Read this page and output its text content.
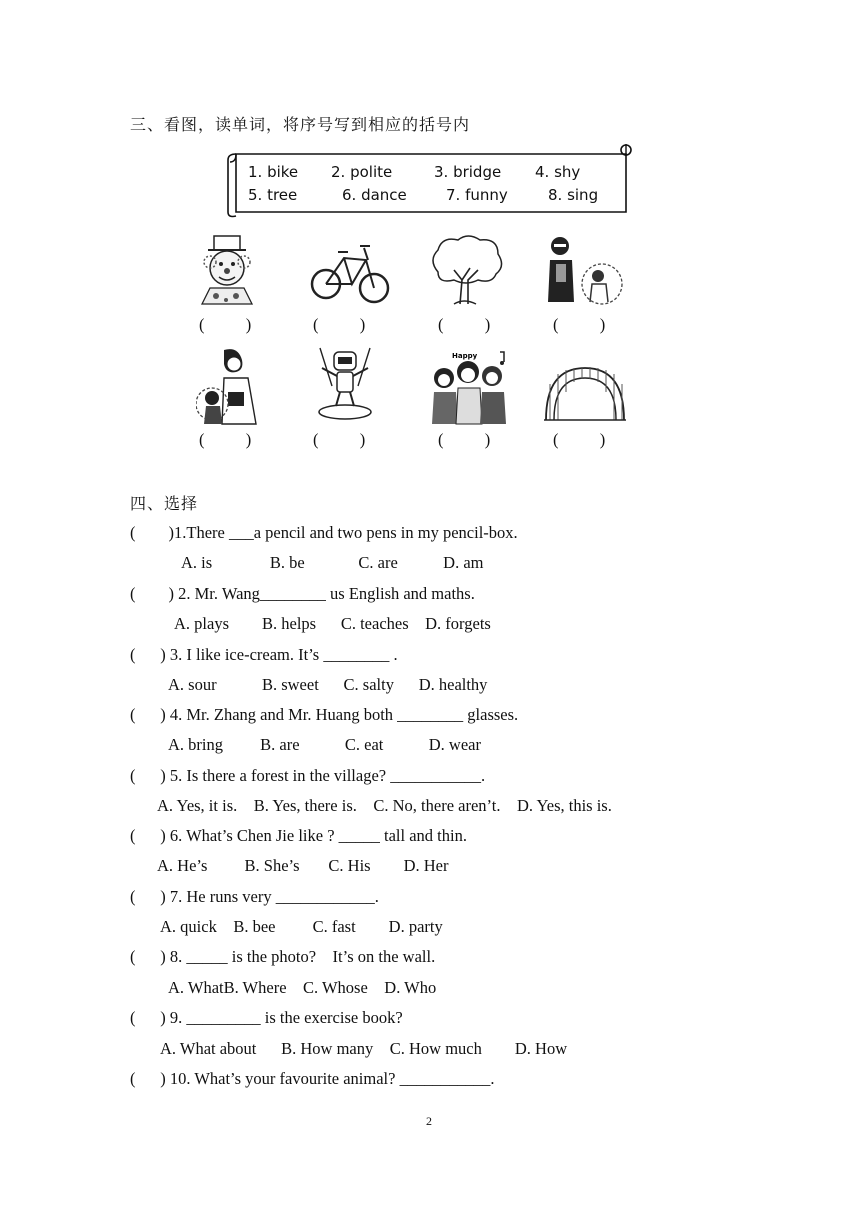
三、看图，读单词，将序号写到相应的括号内
1. bike 2. polite	3. bridge 4. shy
5. tree	6. dance	7. funny	8. sing
(          )	(          )	(          )	(          )
Happy
(          )	(          )	(          )	(          )
四、选择
(        )1.There ___a pencil and two pens in my pencil-box.
A. is              B. be             C. are           D. am
(        ) 2. Mr. Wang________ us English and maths.
A. plays        B. helps      C. teaches    D. forgets
(      ) 3. I like ice-cream. It’s ________ .
A. sour           B. sweet      C. salty      D. healthy
(      ) 4. Mr. Zhang and Mr. Huang both ________ glasses.
A. bring         B. are           C. eat           D. wear
(      ) 5. Is there a forest in the village? ___________.
A. Yes, it is.    B. Yes, there is.    C. No, there aren’t.    D. Yes, this is.
(      ) 6. What’s Chen Jie like ? _____ tall and thin.
A. He’s         B. She’s       C. His        D. Her
(      ) 7. He runs very ____________.
A. quick    B. bee         C. fast        D. party
(      ) 8. _____ is the photo?    It’s on the wall.
A. WhatB. Where    C. Whose    D. Who
(      ) 9. _________ is the exercise book?
A. What about      B. How many    C. How much        D. How
(      ) 10. What’s your favourite animal? ___________.
2
